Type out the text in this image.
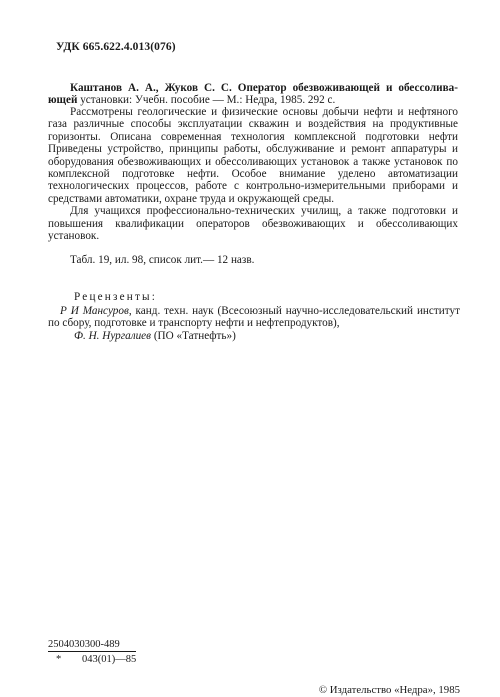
УДК 665.622.4.013(076)
Каштанов А. А., Жуков С. С. Оператор обезвоживающей и обессолива-ющей установки: Учебн. пособие — М.: Недра, 1985. 292 с.

Рассмотрены геологические и физические основы добычи нефти и нефтяного газа различные способы эксплуатации скважин и воздействия на продуктивные горизонты. Описана современная технология комплексной подготовки нефти Приведены устройство, принципы работы, обслуживание и ремонт аппаратуры и оборудования обезвоживающих и обессоливающих установок а также установок по комплексной подготовке нефти. Особое внимание уделено автоматизации технологических процессов, работе с контрольно-измерительными приборами и средствами автоматики, охране труда и окружающей среды.

Для учащихся профессионально-технических училищ, а также подготовки и повышения квалификации операторов обезвоживающих и обессоливающих установок.

Табл. 19, ил. 98, список лит.— 12 назв.
Рецензенты:

Р И Мансуров, канд. техн. наук (Всесоюзный научно-исследовательский институт по сбору, подготовке и транспорту нефти и нефтепродуктов),

Ф. Н. Нургалиев (ПО «Татнефть»)

$\frac{2504030300-489}{* 043(01)—85}$
© Издательство «Недра», 1985
